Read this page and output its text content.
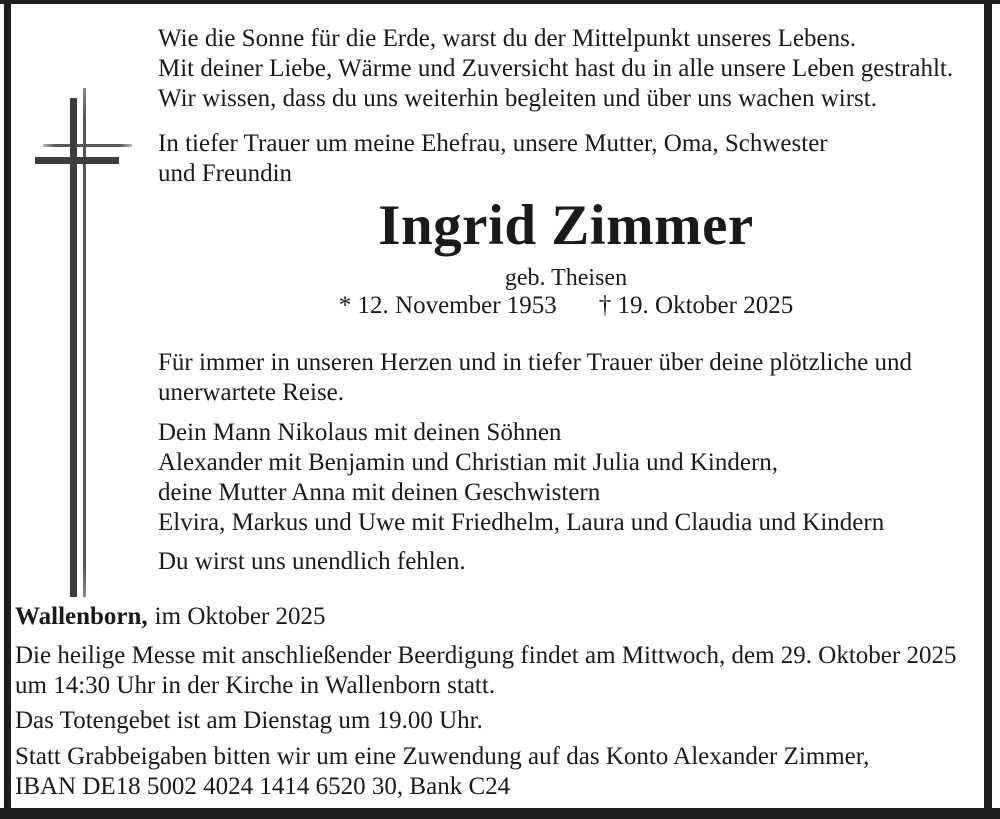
Wie die Sonne für die Erde, warst du der Mittelpunkt unseres Lebens.
Mit deiner Liebe, Wärme und Zuversicht hast du in alle unsere Leben gestrahlt.
Wir wissen, dass du uns weiterhin begleiten und über uns wachen wirst.
In tiefer Trauer um meine Ehefrau, unsere Mutter, Oma, Schwester
und Freundin
Ingrid Zimmer
geb. Theisen
* 12. November 1953 † 19. Oktober 2025
Für immer in unseren Herzen und in tiefer Trauer über deine plötzliche und
unerwartete Reise.
Dein Mann Nikolaus mit deinen Söhnen
Alexander mit Benjamin und Christian mit Julia und Kindern,
deine Mutter Anna mit deinen Geschwistern
Elvira, Markus und Uwe mit Friedhelm, Laura und Claudia und Kindern
Du wirst uns unendlich fehlen.
Wallenborn, im Oktober 2025
Die heilige Messe mit anschließender Beerdigung findet am Mittwoch, dem 29. Oktober 2025
um 14:30 Uhr in der Kirche in Wallenborn statt.
Das Totengebet ist am Dienstag um 19.00 Uhr.
Statt Grabbeigaben bitten wir um eine Zuwendung auf das Konto Alexander Zimmer,
IBAN DE18 5002 4024 1414 6520 30, Bank C24
